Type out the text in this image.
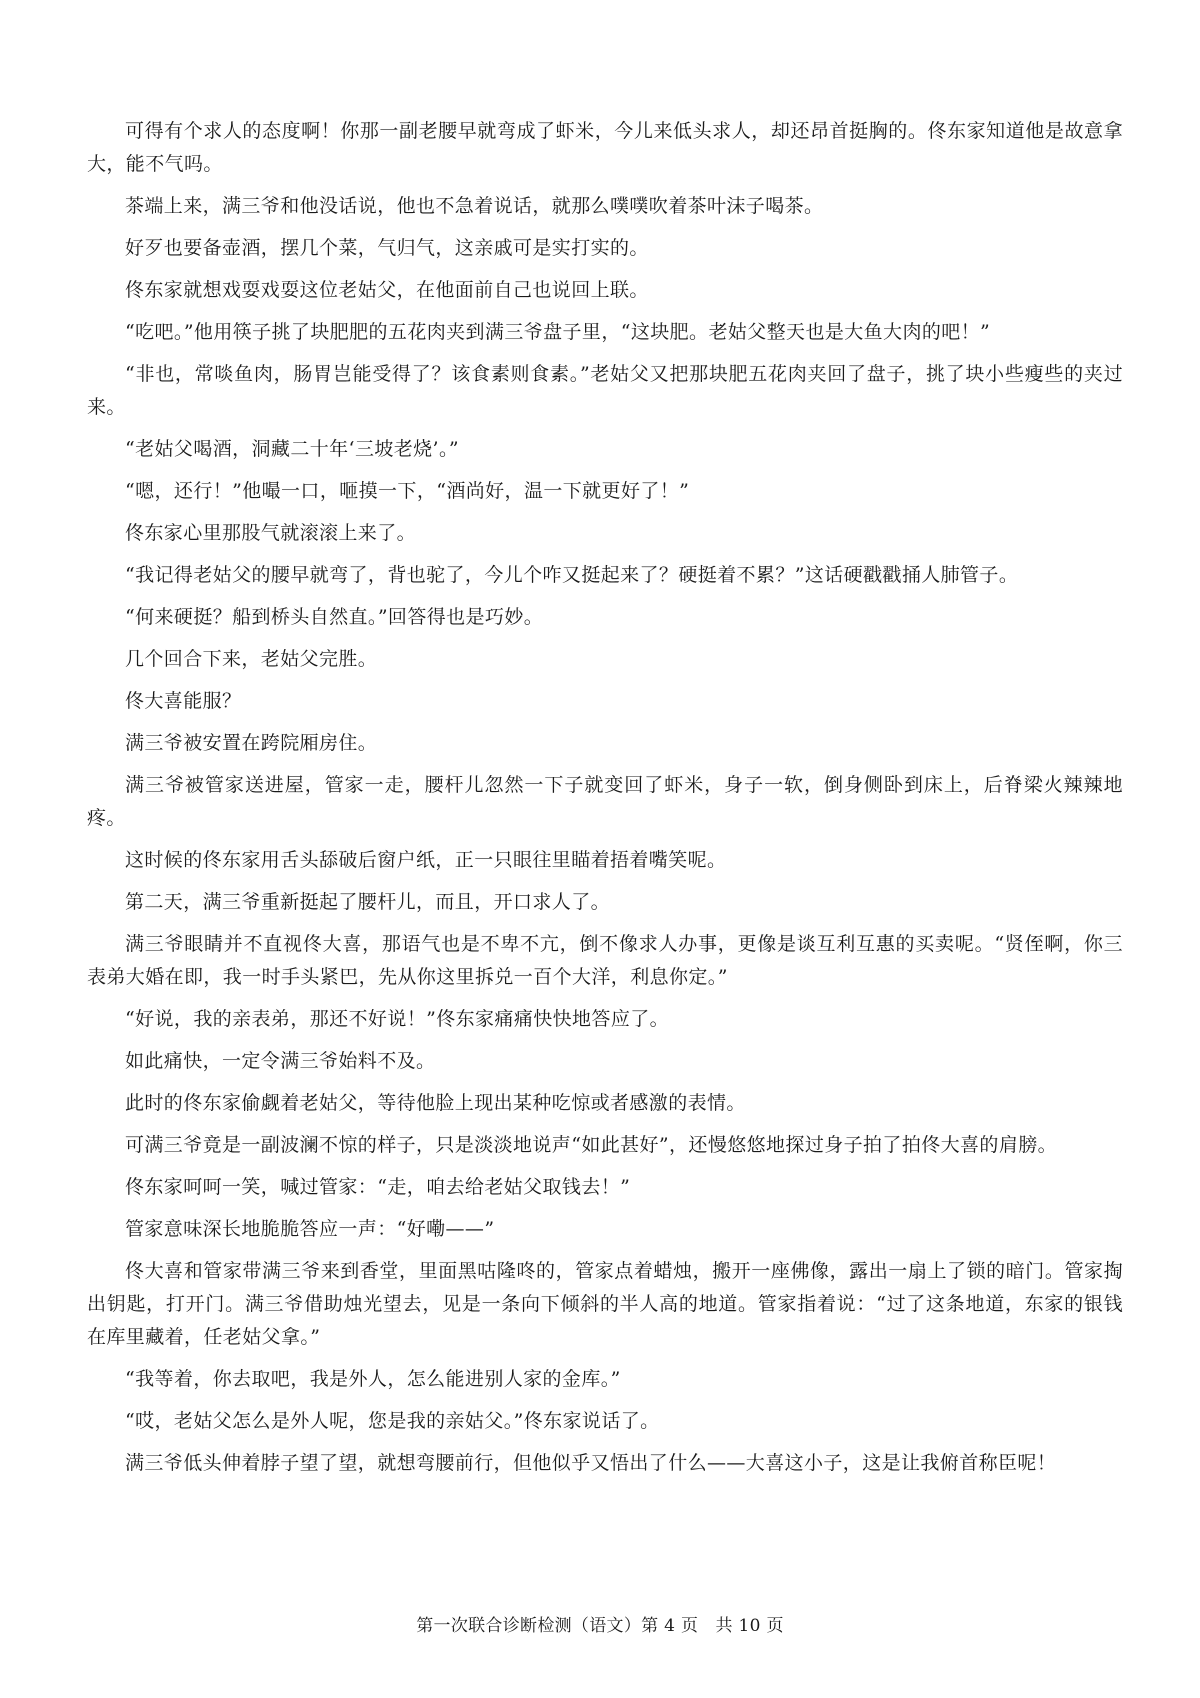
可得有个求人的态度啊！你那一副老腰早就弯成了虾米，今儿来低头求人，却还昂首挺胸的。佟东家知道他是故意拿大，能不气吗。

茶端上来，满三爷和他没话说，他也不急着说话，就那么噗噗吹着茶叶沫子喝茶。

好歹也要备壶酒，摆几个菜，气归气，这亲戚可是实打实的。

佟东家就想戏耍戏耍这位老姑父，在他面前自己也说回上联。

“吃吧。”他用筷子挑了块肥肥的五花肉夹到满三爷盘子里，“这块肥。老姑父整天也是大鱼大肉的吧！”

“非也，常啖鱼肉，肠胃岂能受得了？该食素则食素。”老姑父又把那块肥五花肉夹回了盘子，挑了块小些瘦些的夹过来。

“老姑父喝酒，洞藏二十年‘三坡老烧’。”

“嗯，还行！”他嘬一口，咂摸一下，“酒尚好，温一下就更好了！”

佟东家心里那股气就滚滚上来了。

“我记得老姑父的腰早就弯了，背也驼了，今儿个咋又挺起来了？硬挺着不累？”这话硬戳戳捅人肺管子。

“何来硬挺？船到桥头自然直。”回答得也是巧妙。

几个回合下来，老姑父完胜。

佟大喜能服？

满三爷被安置在跨院厢房住。

满三爷被管家送进屋，管家一走，腰杆儿忽然一下子就变回了虾米，身子一软，倒身侧卧到床上，后脊梁火辣辣地疼。

这时候的佟东家用舌头舔破后窗户纸，正一只眼往里瞄着捂着嘴笑呢。

第二天，满三爷重新挺起了腰杆儿，而且，开口求人了。

满三爷眼睛并不直视佟大喜，那语气也是不卑不亢，倒不像求人办事，更像是谈互利互惠的买卖呢。“贤侄啊，你三表弟大婚在即，我一时手头紧巴，先从你这里拆兑一百个大洋，利息你定。”

“好说，我的亲表弟，那还不好说！”佟东家痛痛快快地答应了。

如此痛快，一定令满三爷始料不及。

此时的佟东家偷觑着老姑父，等待他脸上现出某种吃惊或者感激的表情。

可满三爷竟是一副波澜不惊的样子，只是淡淡地说声“如此甚好”，还慢悠悠地探过身子拍了拍佟大喜的肩膀。

佟东家呵呵一笑，喊过管家：“走，咱去给老姑父取钱去！”

管家意味深长地脆脆答应一声：“好嘞——”

佟大喜和管家带满三爷来到香堂，里面黑咕隆咚的，管家点着蜡烛，搬开一座佛像，露出一扇上了锁的暗门。管家掏出钥匙，打开门。满三爷借助烛光望去，见是一条向下倾斜的半人高的地道。管家指着说：“过了这条地道，东家的银钱在库里藏着，任老姑父拿。”

“我等着，你去取吧，我是外人，怎么能进别人家的金库。”

“哎，老姑父怎么是外人呢，您是我的亲姑父。”佟东家说话了。

满三爷低头伸着脖子望了望，就想弯腰前行，但他似乎又悟出了什么——大喜这小子，这是让我俯首称臣呢！

第一次联合诊断检测（语文）第 4 页　共 10 页
